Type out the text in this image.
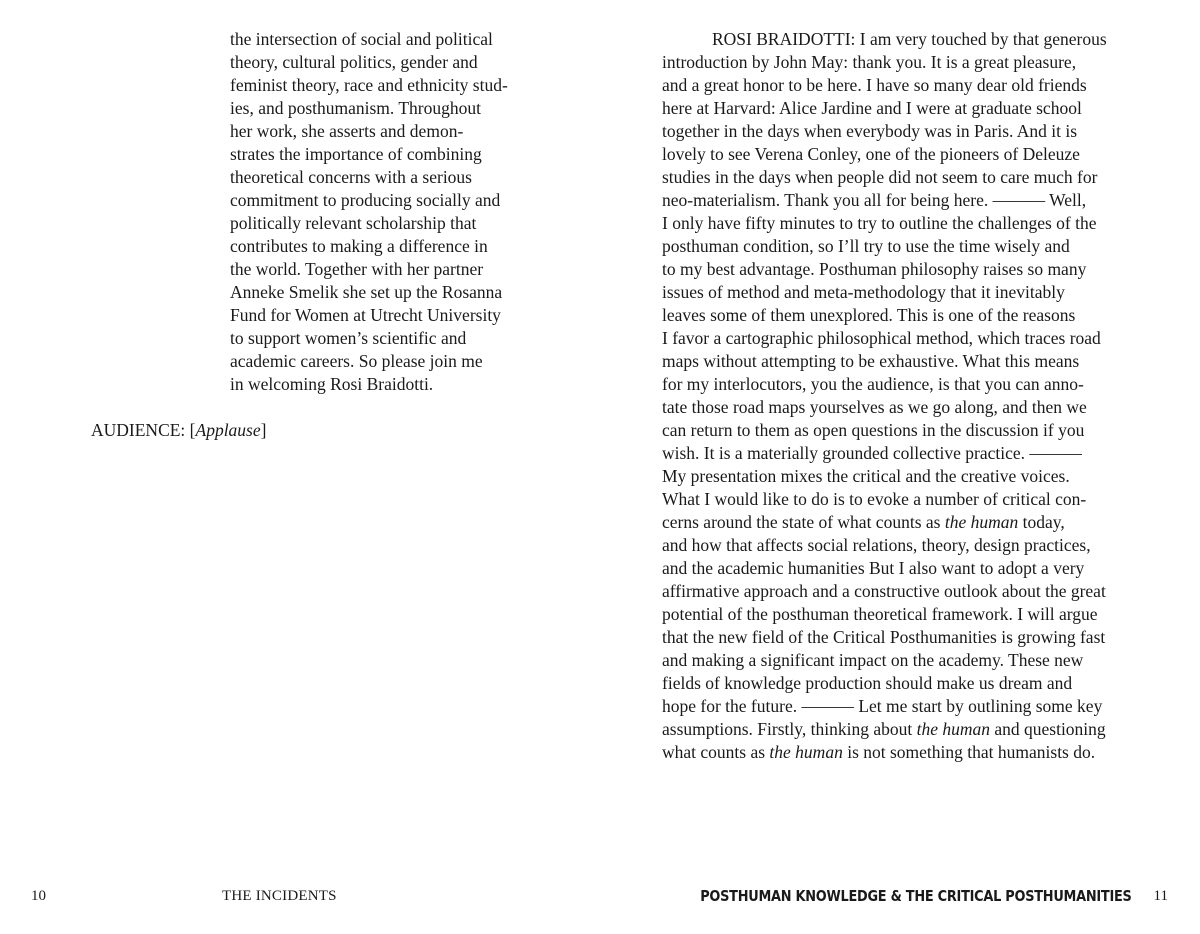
the intersection of social and political
theory, cultural politics, gender and
feminist theory, race and ethnicity stud-
ies, and posthumanism. Throughout
her work, she asserts and demon-
strates the importance of combining
theoretical concerns with a serious
commitment to producing socially and
politically relevant scholarship that
contributes to making a difference in
the world. Together with her partner
Anneke Smelik she set up the Rosanna
Fund for Women at Utrecht University
to support women’s scientific and
academic careers. So please join me
in welcoming Rosi Braidotti.
AUDIENCE: [Applause]
10	THE INCIDENTS
ROSI BRAIDOTTI: I am very touched by that generous
introduction by John May: thank you. It is a great pleasure,
and a great honor to be here. I have so many dear old friends
here at Harvard: Alice Jardine and I were at graduate school
together in the days when everybody was in Paris. And it is
lovely to see Verena Conley, one of the pioneers of Deleuze
studies in the days when people did not seem to care much for
neo-materialism. Thank you all for being here. ——— Well,
I only have fifty minutes to try to outline the challenges of the
posthuman condition, so I’ll try to use the time wisely and
to my best advantage. Posthuman philosophy raises so many
issues of method and meta-methodology that it inevitably
leaves some of them unexplored. This is one of the reasons
I favor a cartographic philosophical method, which traces road
maps without attempting to be exhaustive. What this means
for my interlocutors, you the audience, is that you can anno-
tate those road maps yourselves as we go along, and then we
can return to them as open questions in the discussion if you
wish. It is a materially grounded collective practice. ———
My presentation mixes the critical and the creative voices.
What I would like to do is to evoke a number of critical con-
cerns around the state of what counts as the human today,
and how that affects social relations, theory, design practices,
and the academic humanities But I also want to adopt a very
affirmative approach and a constructive outlook about the great
potential of the posthuman theoretical framework. I will argue
that the new field of the Critical Posthumanities is growing fast
and making a significant impact on the academy. These new
fields of knowledge production should make us dream and
hope for the future. ——— Let me start by outlining some key
assumptions. Firstly, thinking about the human and questioning
what counts as the human is not something that humanists do.
POSTHUMAN KNOWLEDGE & THE CRITICAL POSTHUMANITIES 11
